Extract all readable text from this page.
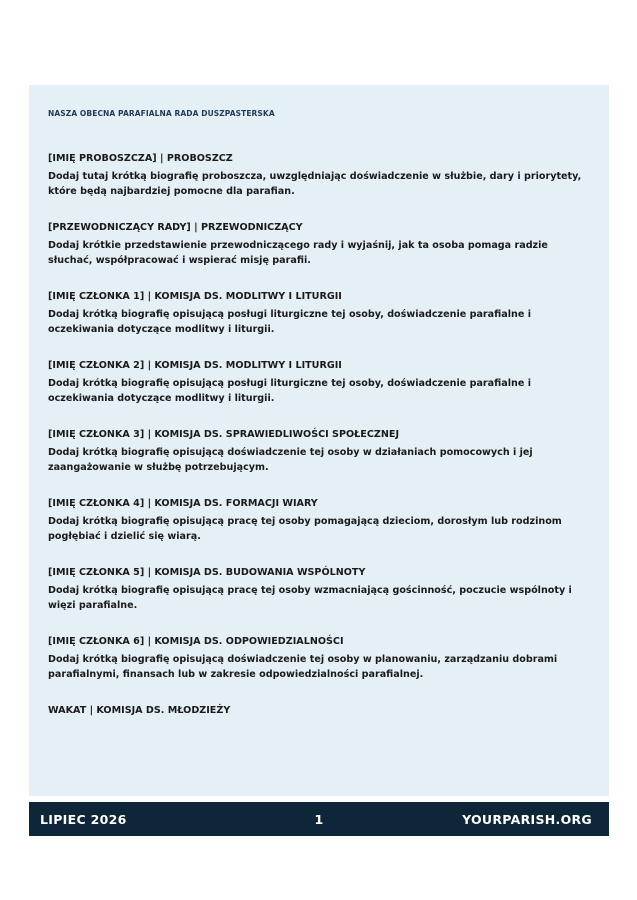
NASZA OBECNA PARAFIALNA RADA DUSZPASTERSKA
[IMIĘ PROBOSZCZA] | PROBOSZCZ
Dodaj tutaj krótką biografię proboszcza, uwzględniając doświadczenie w służbie, dary i priorytety, które będą najbardziej pomocne dla parafian.
[PRZEWODNICZĄCY RADY] | PRZEWODNICZĄCY
Dodaj krótkie przedstawienie przewodniczącego rady i wyjaśnij, jak ta osoba pomaga radzie słuchać, współpracować i wspierać misję parafii.
[IMIĘ CZŁONKA 1] | KOMISJA DS. MODLITWY I LITURGII
Dodaj krótką biografię opisującą posługi liturgiczne tej osoby, doświadczenie parafialne i oczekiwania dotyczące modlitwy i liturgii.
[IMIĘ CZŁONKA 2] | KOMISJA DS. MODLITWY I LITURGII
Dodaj krótką biografię opisującą posługi liturgiczne tej osoby, doświadczenie parafialne i oczekiwania dotyczące modlitwy i liturgii.
[IMIĘ CZŁONKA 3] | KOMISJA DS. SPRAWIEDLIWOŚCI SPOŁECZNEJ
Dodaj krótką biografię opisującą doświadczenie tej osoby w działaniach pomocowych i jej zaangażowanie w służbę potrzebującym.
[IMIĘ CZŁONKA 4] | KOMISJA DS. FORMACJI WIARY
Dodaj krótką biografię opisującą pracę tej osoby pomagającą dzieciom, dorosłym lub rodzinom pogłębiać i dzielić się wiarą.
[IMIĘ CZŁONKA 5] | KOMISJA DS. BUDOWANIA WSPÓLNOTY
Dodaj krótką biografię opisującą pracę tej osoby wzmacniającą gościnność, poczucie wspólnoty i więzi parafialne.
[IMIĘ CZŁONKA 6] | KOMISJA DS. ODPOWIEDZIALNOŚCI
Dodaj krótką biografię opisującą doświadczenie tej osoby w planowaniu, zarządzaniu dobrami parafialnymi, finansach lub w zakresie odpowiedzialności parafialnej.
WAKAT | KOMISJA DS. MŁODZIEŻY
LIPIEC 2026	1	YOURPARISH.ORG
